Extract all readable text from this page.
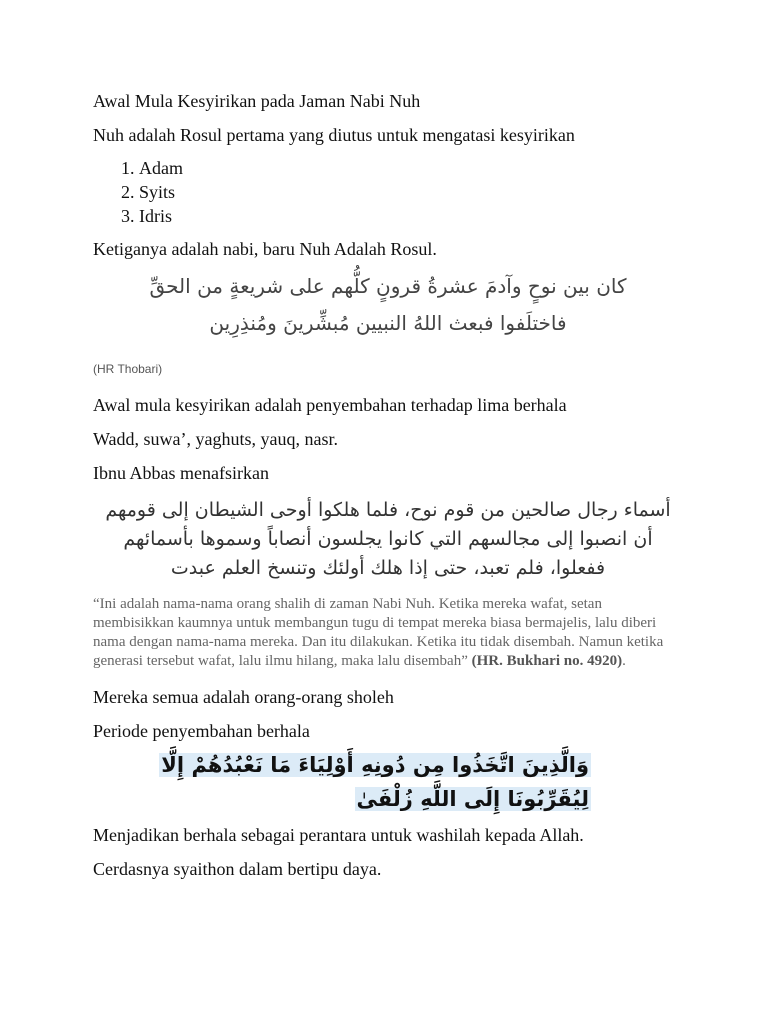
Awal Mula Kesyirikan pada Jaman Nabi Nuh

Nuh adalah Rosul pertama yang diutus untuk mengatasi kesyirikan

1. Adam
2. Syits
3. Idris

Ketiganya adalah nabi, baru Nuh Adalah Rosul.

كان بين نوحٍ وآدمَ عشرةُ قرونٍ كلُّهم على شريعةٍ من الحقِّ
فاختلَفوا فبعث اللهُ النبيين مُبشِّرينَ ومُنذِرِين
(HR Thobari)

Awal mula kesyirikan adalah penyembahan terhadap lima berhala

Wadd, suwa’, yaghuts, yauq, nasr.

Ibnu Abbas menafsirkan

أسماء رجال صالحين من قوم نوح، فلما هلكوا أوحى الشيطان إلى قومهم أن انصبوا إلى مجالسهم التي كانوا يجلسون أنصاباً وسموها بأسمائهم ففعلوا، فلم تعبد، حتى إذا هلك أولئك وتنسخ العلم عبدت

“Ini adalah nama-nama orang shalih di zaman Nabi Nuh. Ketika mereka wafat, setan membisikkan kaumnya untuk membangun tugu di tempat mereka biasa bermajelis, lalu diberi nama dengan nama-nama mereka. Dan itu dilakukan. Ketika itu tidak disembah. Namun ketika generasi tersebut wafat, lalu ilmu hilang, maka lalu disembah” (HR. Bukhari no. 4920).

Mereka semua adalah orang-orang sholeh

Periode penyembahan berhala

وَالَّذِينَ اتَّخَذُوا مِن دُونِهِ أَوْلِيَاءَ مَا نَعْبُدُهُمْ إِلَّا
لِيُقَرِّبُونَا إِلَى اللَّهِ زُلْفَىٰ

Menjadikan berhala sebagai perantara untuk washilah kepada Allah.

Cerdasnya syaithon dalam bertipu daya.
